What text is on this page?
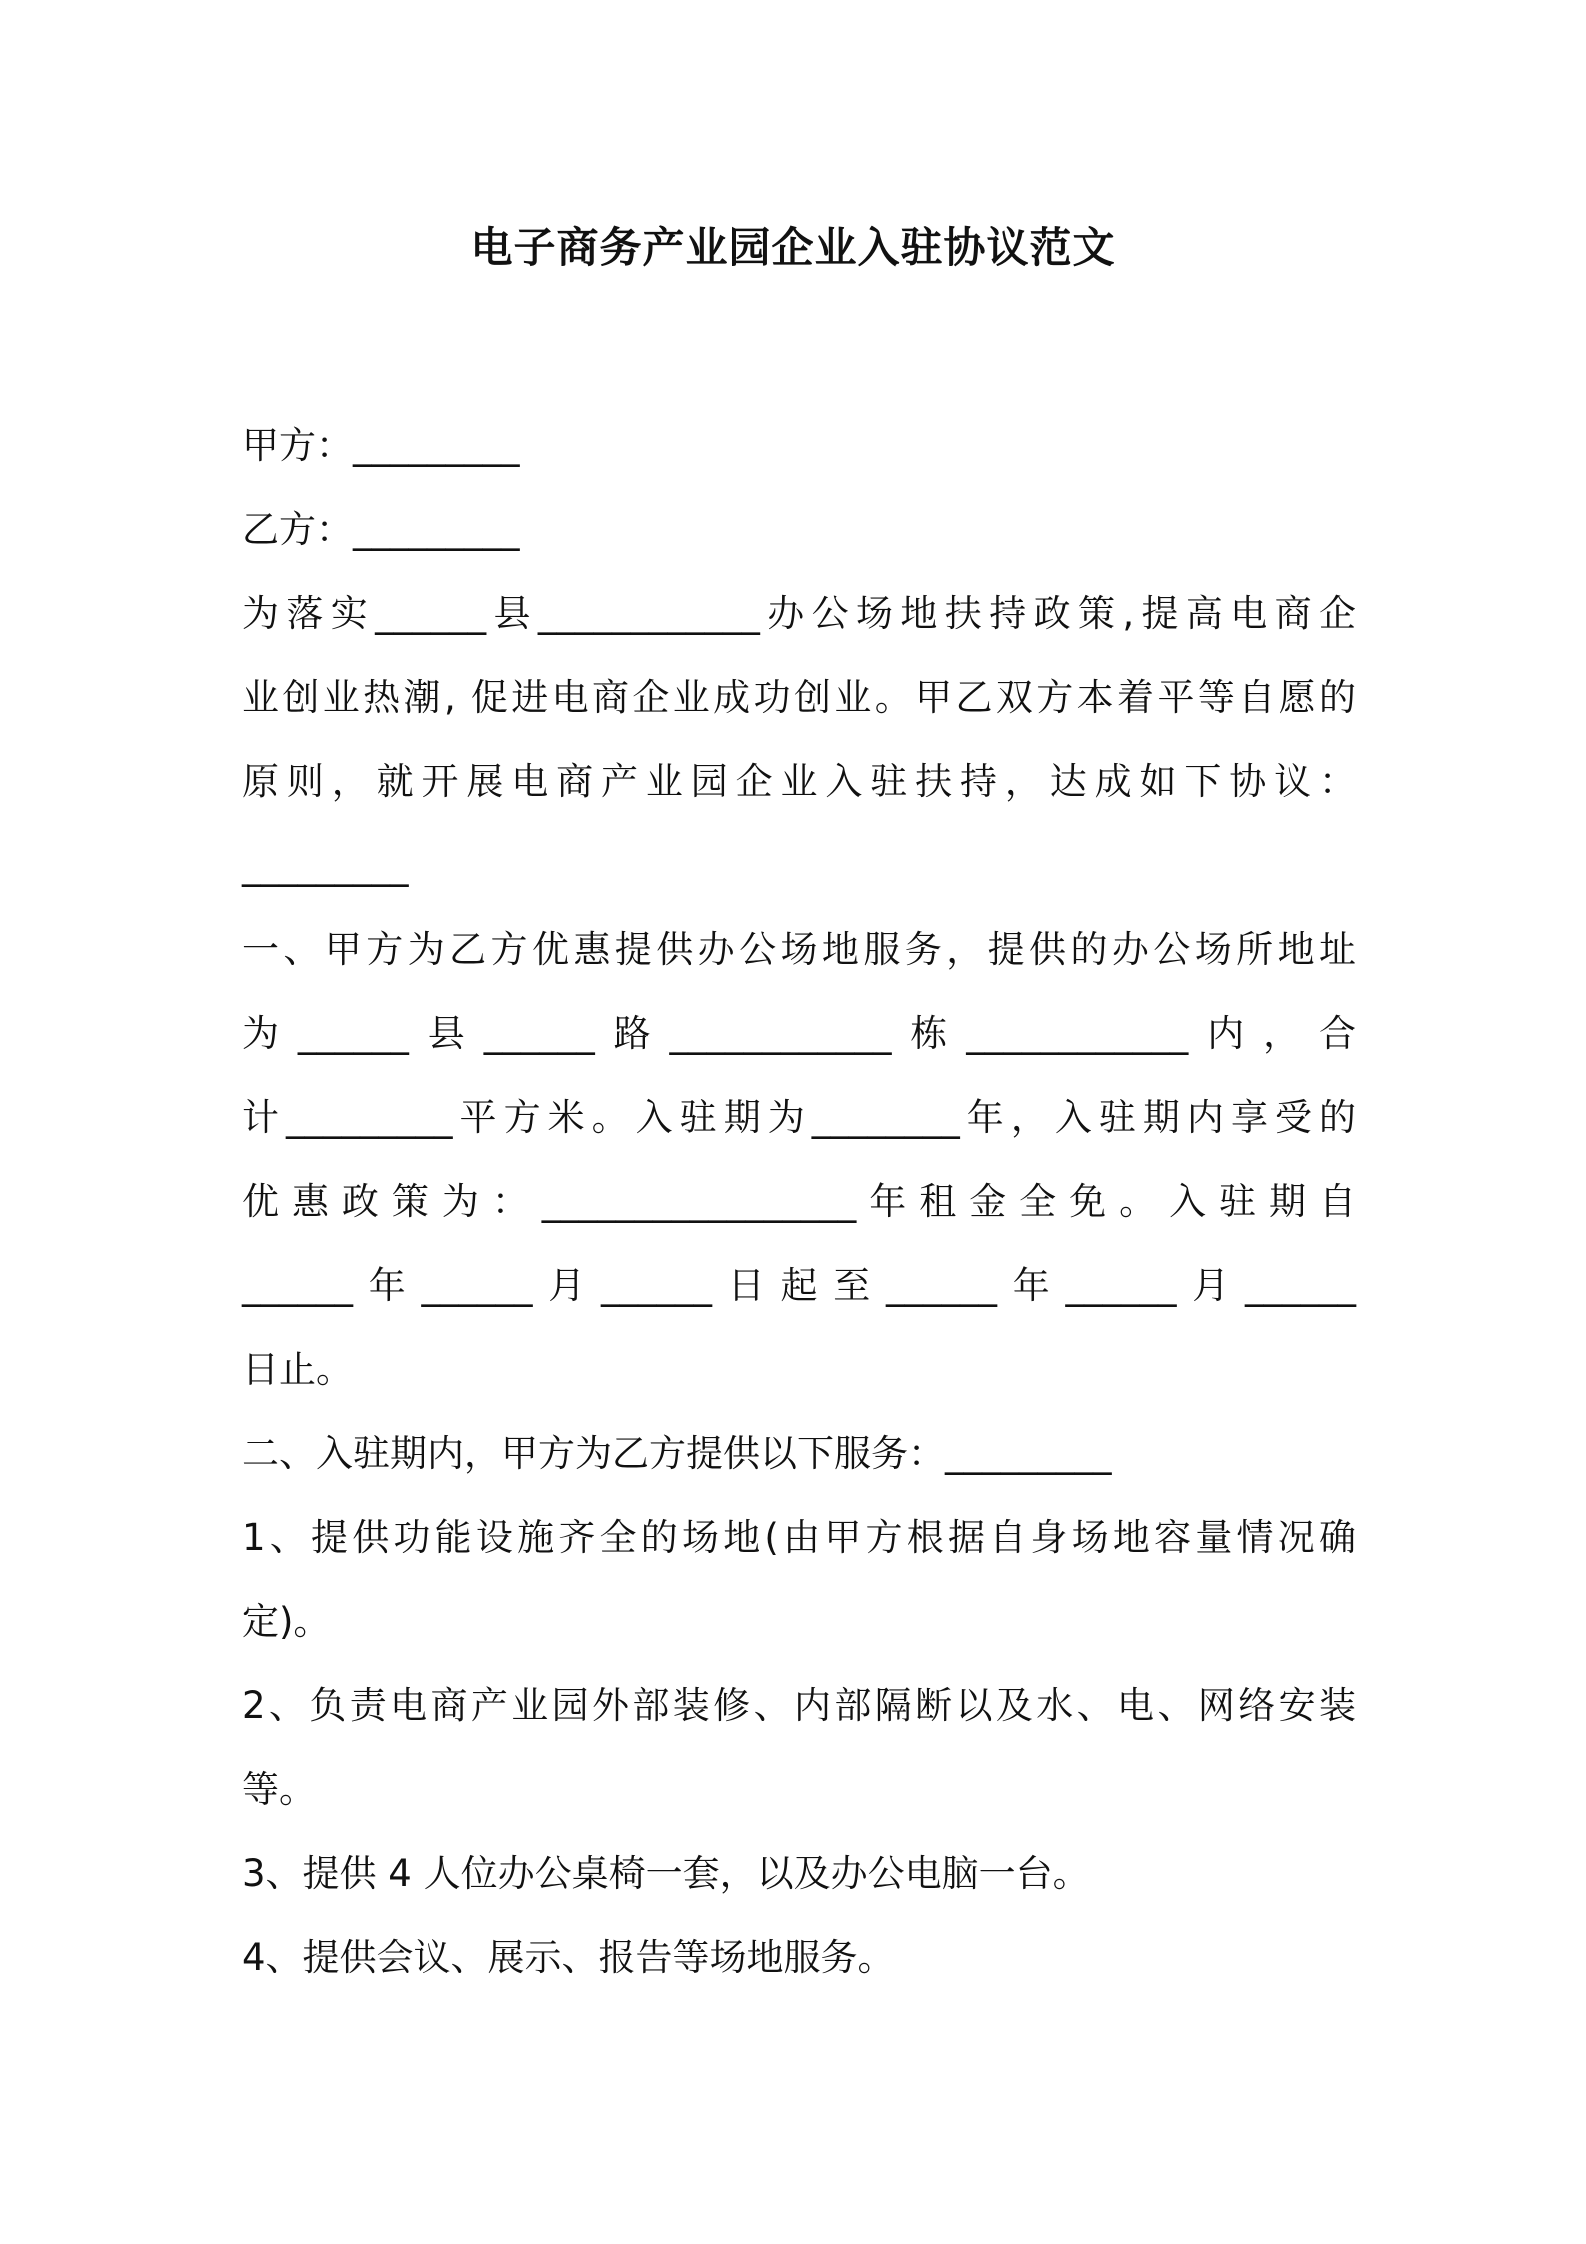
电子商务产业园企业入驻协议范文
甲方：_________
乙方：_________
为落实______县____________办公场地扶持政策,提高电商企
业创业热潮, 促进电商企业成功创业。甲乙双方本着平等自愿的
原则，就开展电商产业园企业入驻扶持，达成如下协议：
_________
一、甲方为乙方优惠提供办公场地服务，提供的办公场所地址
为______县______路____________栋____________内，合
计_________平方米。入驻期为________年，入驻期内享受的
优惠政策为：_________________年租金全免。入驻期自
______年______月______日起至______年______月______
日止。
二、入驻期内，甲方为乙方提供以下服务：_________
1、提供功能设施齐全的场地(由甲方根据自身场地容量情况确
定)。
2、负责电商产业园外部装修、内部隔断以及水、电、网络安装
等。
3、提供 4 人位办公桌椅一套，以及办公电脑一台。
4、提供会议、展示、报告等场地服务。
